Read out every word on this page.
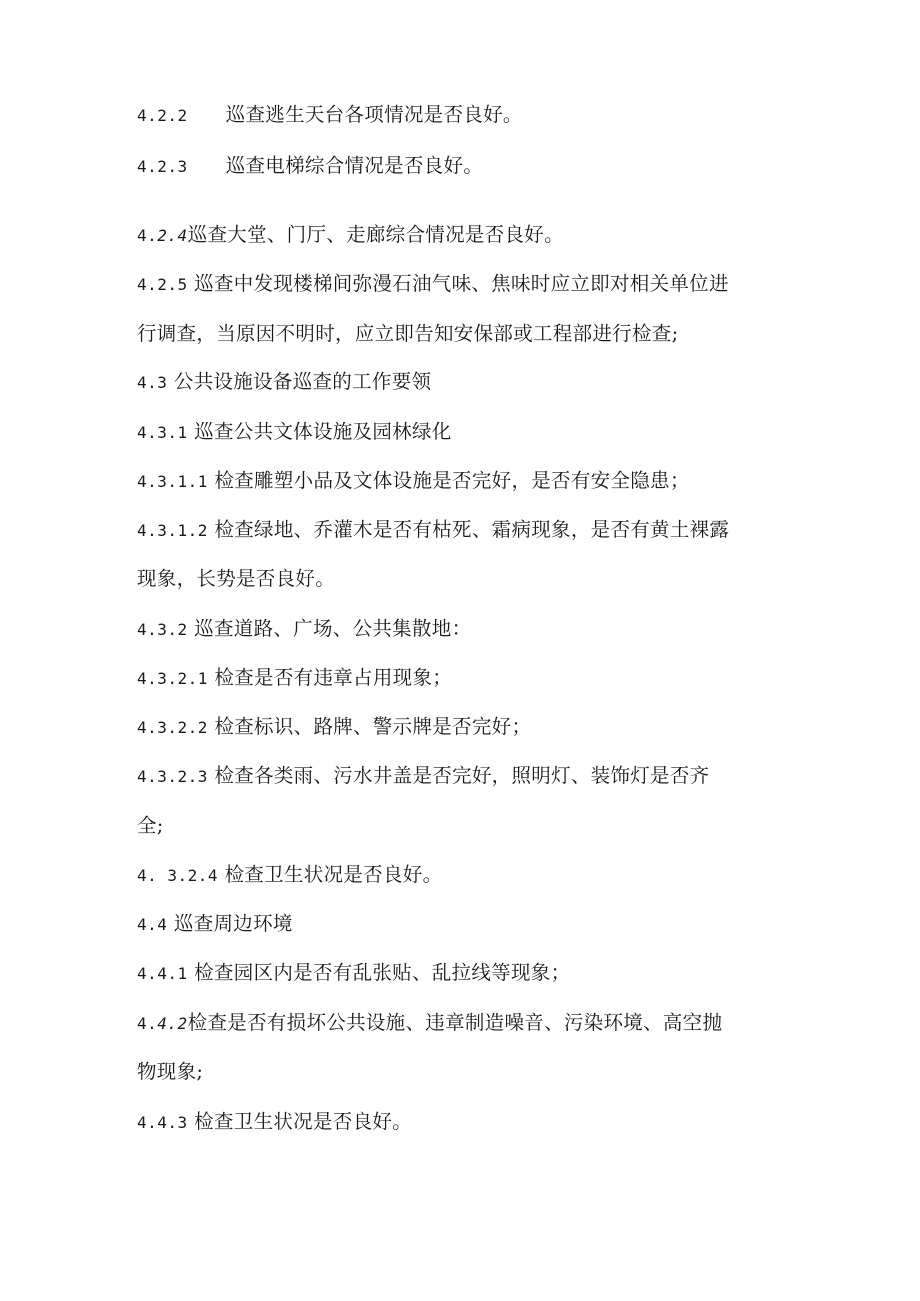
4.2.2 巡查逃生天台各项情况是否良好。
4.2.3 巡查电梯综合情况是否良好。
4.2.4巡查大堂、门厅、走廊综合情况是否良好。
4.2.5 巡查中发现楼梯间弥漫石油气味、焦味时应立即对相关单位进
行调查，当原因不明时，应立即告知安保部或工程部进行检查;
4.3 公共设施设备巡查的工作要领
4.3.1 巡查公共文体设施及园林绿化
4.3.1.1 检查雕塑小品及文体设施是否完好，是否有安全隐患；
4.3.1.2 检查绿地、乔灌木是否有枯死、霜病现象，是否有黄土裸露
现象，长势是否良好。
4.3.2 巡查道路、广场、公共集散地：
4.3.2.1 检查是否有违章占用现象；
4.3.2.2 检查标识、路牌、警示牌是否完好；
4.3.2.3 检查各类雨、污水井盖是否完好，照明灯、装饰灯是否齐
全;
4. 3.2.4 检查卫生状况是否良好。
4.4 巡查周边环境
4.4.1 检查园区内是否有乱张贴、乱拉线等现象；
4.4.2检查是否有损坏公共设施、违章制造噪音、污染环境、高空抛
物现象;
4.4.3 检查卫生状况是否良好。
